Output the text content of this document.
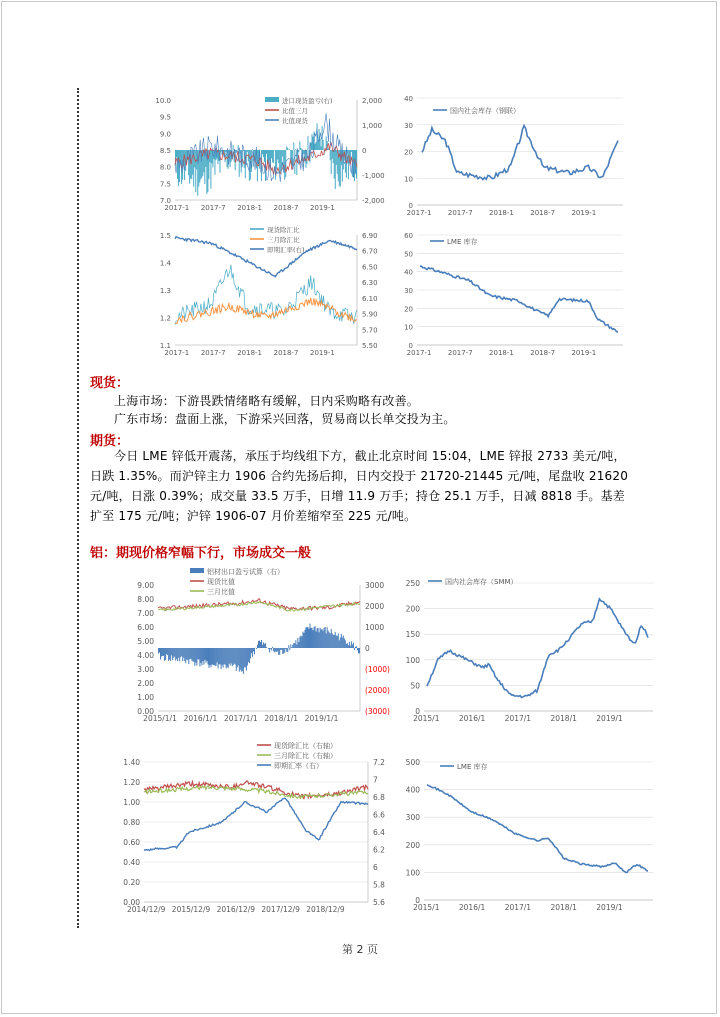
10.0
9.5
9.0
8.5
8.0
7.5
7.0
2,000
1,000
0
-1,000
-2,000
2017-1 2017-7 2018-1 2018-7 2019-1
进口现货盈亏(右)
比值三月
比值现货
40
30
20
10
0
2017-1 2017-7 2018-1 2018-7 2019-1
国内社会库存（钢联）
1.5
1.4
1.3
1.2
1.1
6.90
6.70
6.50
6.30
6.10
5.90
5.70
5.50
2017-1 2017-7 2018-1 2018-7 2019-1
现货除汇比
三月除汇比
即期汇率(右)
60
50
40
30
20
10
0
2017-1 2017-7 2018-1 2018-7 2019-1
LME 库存
现货：
上海市场：下游畏跌情绪略有缓解，日内采购略有改善。
广东市场：盘面上涨，下游采兴回落，贸易商以长单交投为主。
期货：
今日 LME 锌低开震荡，承压于均线组下方，截止北京时间 15:04，LME 锌报 2733 美元/吨，日跌 1.35%。而沪锌主力 1906 合约先扬后抑，日内交投于 21720-21445 元/吨，尾盘收 21620 元/吨，日涨 0.39%；成交量 33.5 万手，日增 11.9 万手；持仓 25.1 万手，日减 8818 手。基差扩至 175 元/吨；沪锌 1906-07 月价差缩窄至 225 元/吨。
铝：期现价格窄幅下行，市场成交一般
9.00
8.00
7.00
6.00
5.00
4.00
3.00
2.00
1.00
0.00
3000
2000
1000
0
(1000)
(2000)
(3000)
2015/1/1 2016/1/1 2017/1/1 2018/1/1 2019/1/1
铝材出口盈亏试算（右）
现货比值
三月比值
250
200
150
100
50
0
2015/1	2016/1	2017/1	2018/1	2019/1
国内社会库存（SMM）
1.40
1.20
1.00
0.80
0.60
0.40
0.20
0.00
7.2
7
6.8
6.6
6.4
6.2
6
5.8
5.6
2014/12/9 2015/12/9 2016/12/9 2017/12/9 2018/12/9
现货除汇比（右轴）
三月除汇比（右轴）
即期汇率（右）	500
400
300
200
100
0
2015/1	2016/1	2017/1	2018/1	2019/1
LME 库存
第 2 页
